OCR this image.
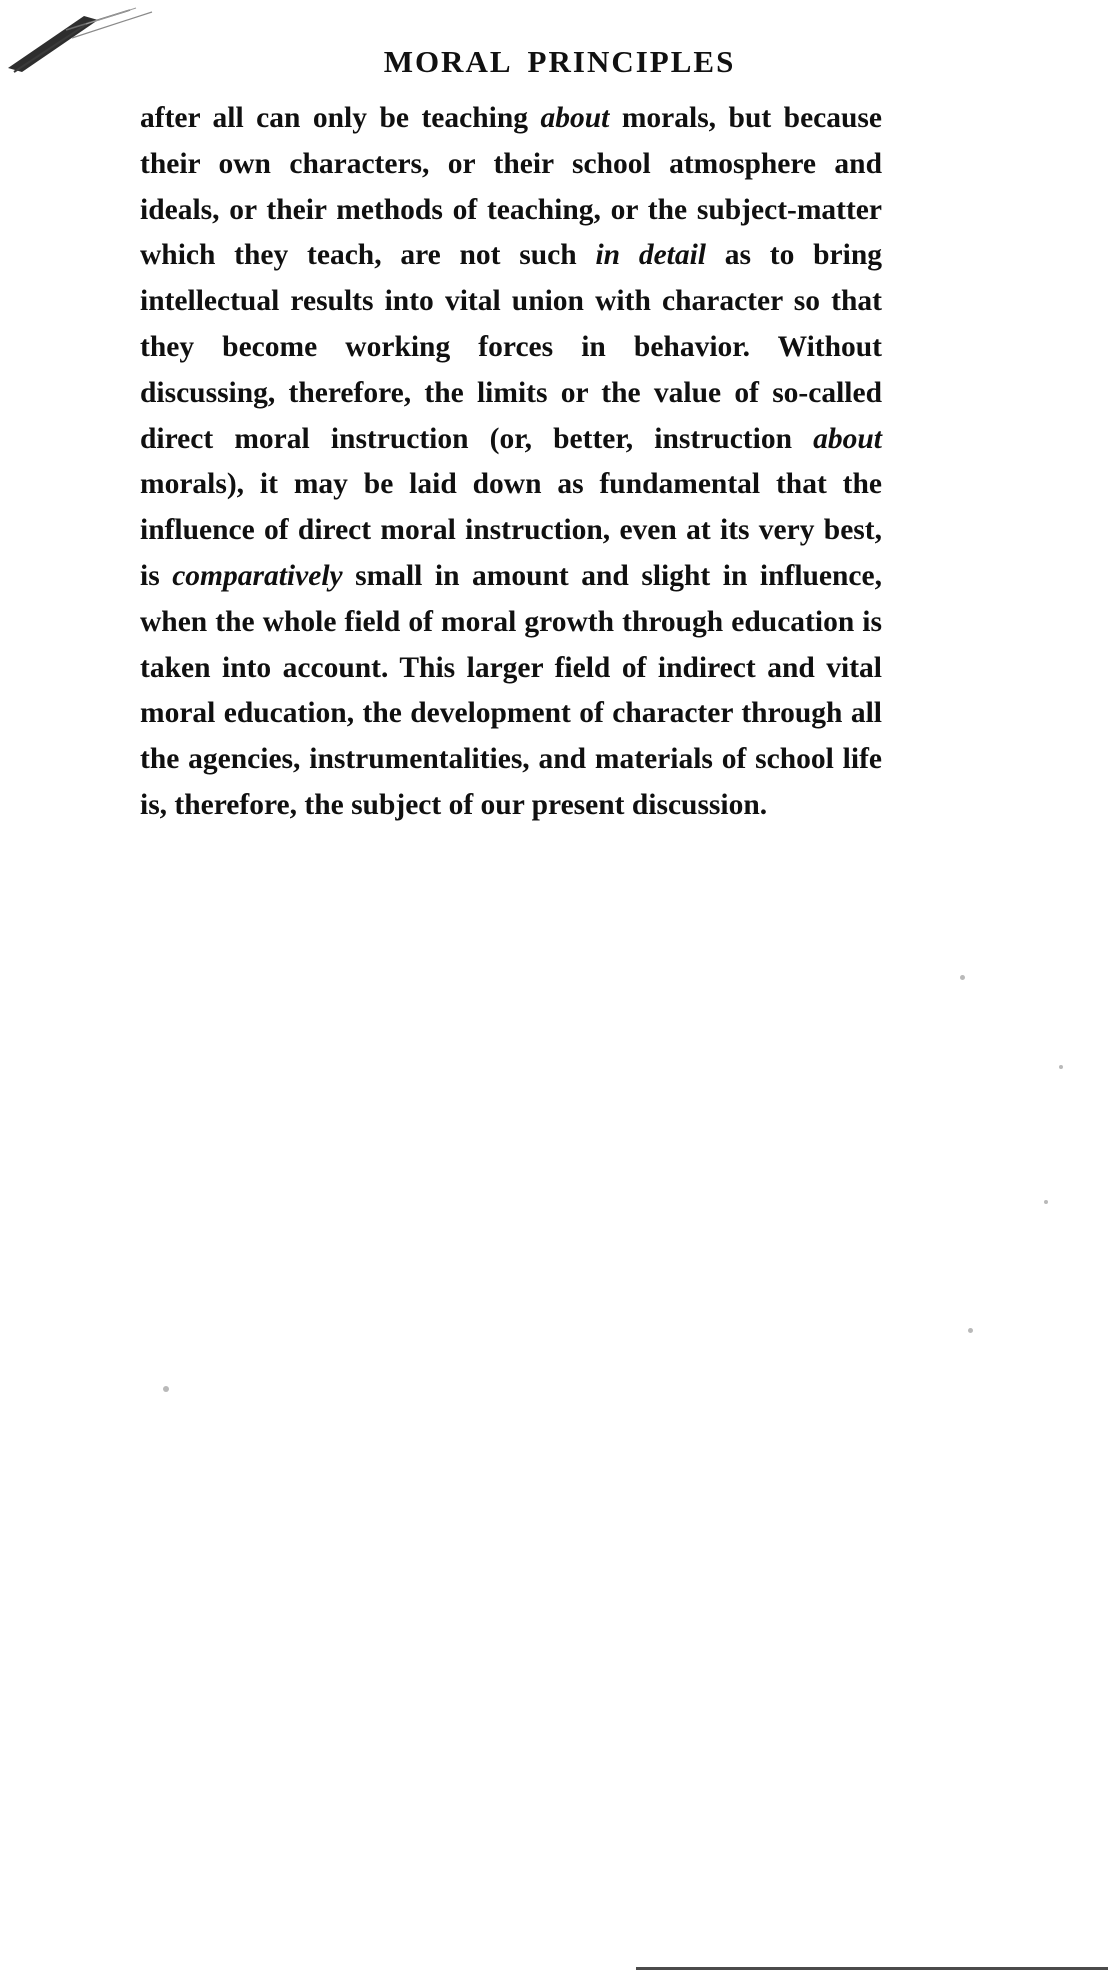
MORAL PRINCIPLES

after all can only be teaching about morals, but because their own characters, or their school atmosphere and ideals, or their methods of teaching, or the subject-matter which they teach, are not such in detail as to bring intellectual results into vital union with character so that they become working forces in behavior. Without discussing, therefore, the limits or the value of so-called direct moral instruction (or, better, instruction about morals), it may be laid down as fundamental that the influence of direct moral instruction, even at its very best, is comparatively small in amount and slight in influence, when the whole field of moral growth through education is taken into account. This larger field of indirect and vital moral education, the development of character through all the agencies, instrumentalities, and materials of school life is, therefore, the subject of our present discussion.
